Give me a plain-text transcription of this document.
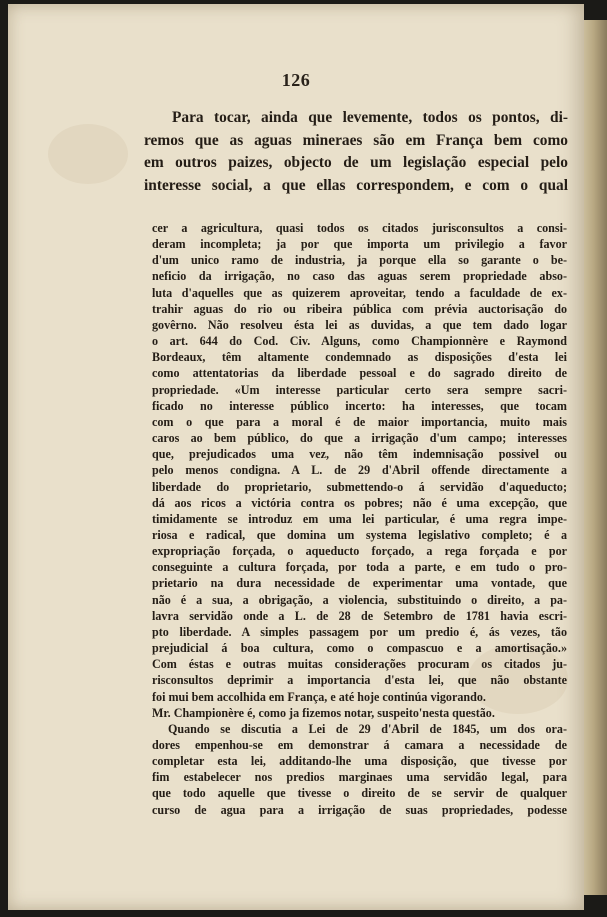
126
Para tocar, ainda que levemente, todos os pontos, di-
remos que as aguas mineraes são em França bem como
em outros paizes, objecto de um legislação especial pelo
interesse social, a que ellas correspondem, e com o qual
cer a agricultura, quasi todos os citados jurisconsultos a consi-
deram incompleta; ja por que importa um privilegio a favor
d'um unico ramo de industria, ja porque ella so garante o be-
neficio da irrigação, no caso das aguas serem propriedade abso-
luta d'aquelles que as quizerem aproveitar, tendo a faculdade de ex-
trahir aguas do rio ou ribeira pública com prévia auctorisação do
govêrno. Não resolveu ésta lei as duvidas, a que tem dado logar
o art. 644 do Cod. Civ. Alguns, como Championnère e Raymond
Bordeaux, têm altamente condemnado as disposições d'esta lei
como attentatorias da liberdade pessoal e do sagrado direito de
propriedade. «Um interesse particular certo sera sempre sacri-
ficado no interesse público incerto: ha interesses, que tocam
com o que para a moral é de maior importancia, muito mais
caros ao bem público, do que a irrigação d'um campo; interesses
que, prejudicados uma vez, não têm indemnisação possivel ou
pelo menos condigna. A L. de 29 d'Abril offende directamente a
liberdade do proprietario, submettendo-o á servidão d'aqueducto;
dá aos ricos a victória contra os pobres; não é uma excepção, que
timidamente se introduz em uma lei particular, é uma regra impe-
riosa e radical, que domina um systema legislativo completo; é a
expropriação forçada, o aqueducto forçado, a rega forçada e por
conseguinte a cultura forçada, por toda a parte, e em tudo o pro-
prietario na dura necessidade de experimentar uma vontade, que
não é a sua, a obrigação, a violencia, substituindo o direito, a pa-
lavra servidão onde a L. de 28 de Setembro de 1781 havia escri-
pto liberdade. A simples passagem por um predio é, ás vezes, tão
prejudicial á boa cultura, como o compascuo e a amortisação.»
Com éstas e outras muitas considerações procuram os citados ju-
risconsultos deprimir a importancia d'esta lei, que não obstante
foi mui bem accolhida em França, e até hoje continúa vigorando.
Mr. Championère é, como ja fizemos notar, suspeito'nesta questão.
Quando se discutia a Lei de 29 d'Abril de 1845, um dos ora-
dores empenhou-se em demonstrar á camara a necessidade de
completar esta lei, additando-lhe uma disposição, que tivesse por
fim estabelecer nos predios marginaes uma servidão legal, para
que todo aquelle que tivesse o direito de se servir de qualquer
curso de agua para a irrigação de suas propriedades, podesse
